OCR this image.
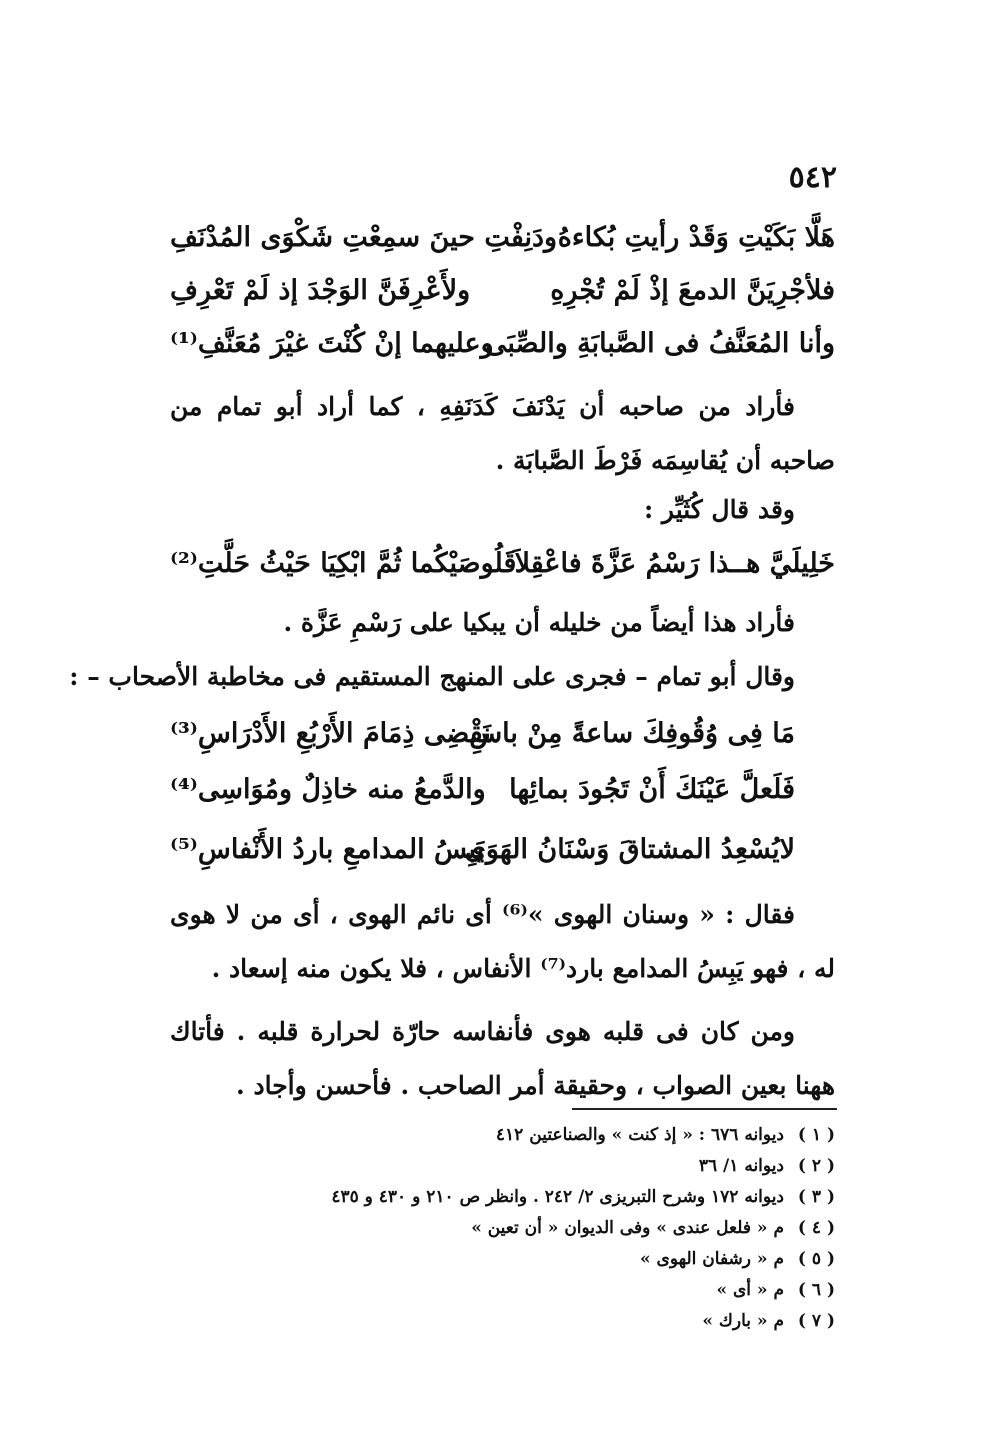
٥٤٢
هَلَّا بَكَيْتِ وَقَدْ رأيتِ بُكاءهُ
ودَنِفْتِ حينَ سمِعْتِ شَكْوَى المُدْنَفِ
فلأجْرِيَنَّ الدمعَ إذْ لَمْ تُجْرِهِ
ولأَعْرِفَنَّ الوَجْدَ إذ لَمْ تَعْرِفِ
وأنا المُعَنَّفُ فى الصَّبابَةِ والصِّبَى
وعليهما إنْ كُنْتَ غيْرَ مُعَنَّفِ⁽¹⁾
فأراد من صاحبه أن يَدْنَفَ كَدَنَفِهِ ، كما أراد أبو تمام من صاحبه أن يُقاسِمَه فَرْطَ الصَّبابَة .
وقد قال كُثَيِّر :
خَلِيلَيَّ هــذا رَسْمُ عَزَّةَ فاعْقِلاَ
قَلُوصَيْكُما ثُمَّ ابْكِيَا حَيْثُ حَلَّتِ⁽²⁾
فأراد هذا أيضاً من خليله أن يبكيا على رَسْمِ عَزَّة .
وقال أبو تمام – فجرى على المنهج المستقيم فى مخاطبة الأصحاب – :
مَا فِى وُقُوفِكَ ساعةً مِنْ باسِ
نَقْضِى ذِمَامَ الأَرْبُعِ الأَدْرَاسِ⁽³⁾
فَلَعلَّ عَيْنَكَ أَنْ تَجُودَ بمائِها
والدَّمعُ منه خاذِلٌ ومُوَاسِى⁽⁴⁾
لايُسْعِدُ المشتاقَ وَسْنَانُ الهَوَى
يَبِسُ المدامعِ باردُ الأَنْفاسِ⁽⁵⁾
فقال : « وسنان الهوى »⁽⁶⁾ أى نائم الهوى ، أى من لا هوى له ، فهو يَبِسُ المدامع بارد⁽⁷⁾ الأنفاس ، فلا يكون منه إسعاد .
ومن كان فى قلبه هوى فأنفاسه حارّة لحرارة قلبه . فأتاك ههنا بعين الصواب ، وحقيقة أمر الصاحب . فأحسن وأجاد .
( ١ ) ديوانه ٦٧٦ : « إذ كنت » والصناعتين ٤١٢
( ٢ ) ديوانه ١/ ٣٦
( ٣ ) ديوانه ١٧٢ وشرح التبريزى ٢/ ٢٤٢ . وانظر ص ٢١٠ و ٤٣٠ و ٤٣٥
( ٤ ) م « فلعل عندى » وفى الديوان « أن تعين »
( ٥ ) م « رشفان الهوى »
( ٦ ) م « أى »
( ٧ ) م « بارك »
